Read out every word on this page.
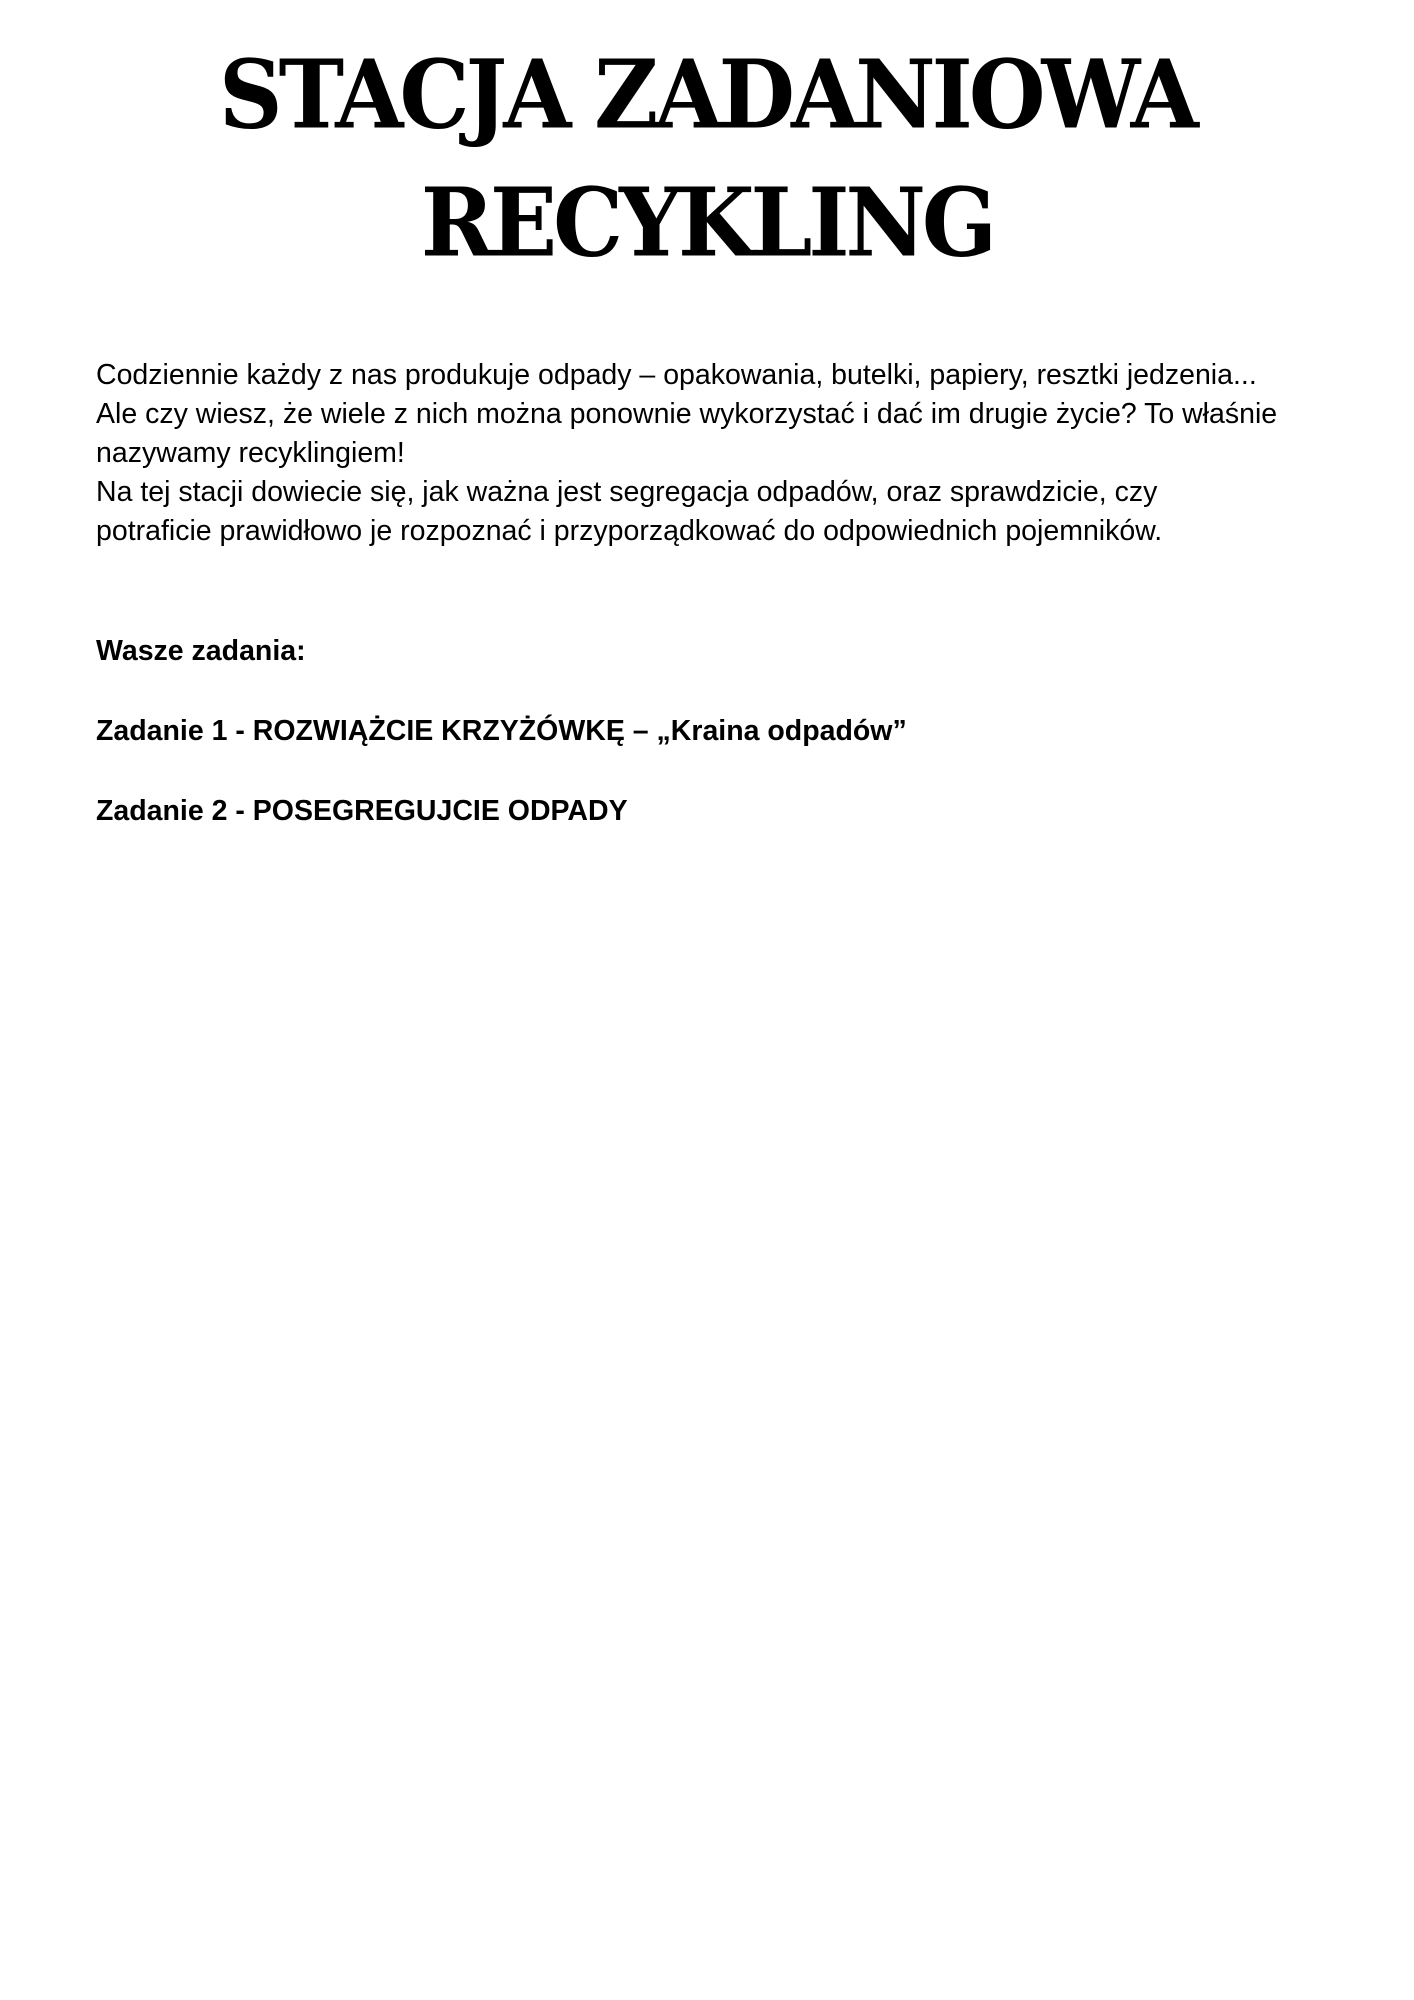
STACJA ZADANIOWA
RECYKLING

Codziennie każdy z nas produkuje odpady – opakowania, butelki, papiery, resztki jedzenia...
Ale czy wiesz, że wiele z nich można ponownie wykorzystać i dać im drugie życie? To właśnie
nazywamy recyklingiem!
Na tej stacji dowiecie się, jak ważna jest segregacja odpadów, oraz sprawdzicie, czy
potraficie prawidłowo je rozpoznać i przyporządkować do odpowiednich pojemników.

Wasze zadania:

Zadanie 1 - ROZWIĄŻCIE KRZYŻÓWKĘ – „Kraina odpadów”

Zadanie 2 - POSEGREGUJCIE ODPADY
